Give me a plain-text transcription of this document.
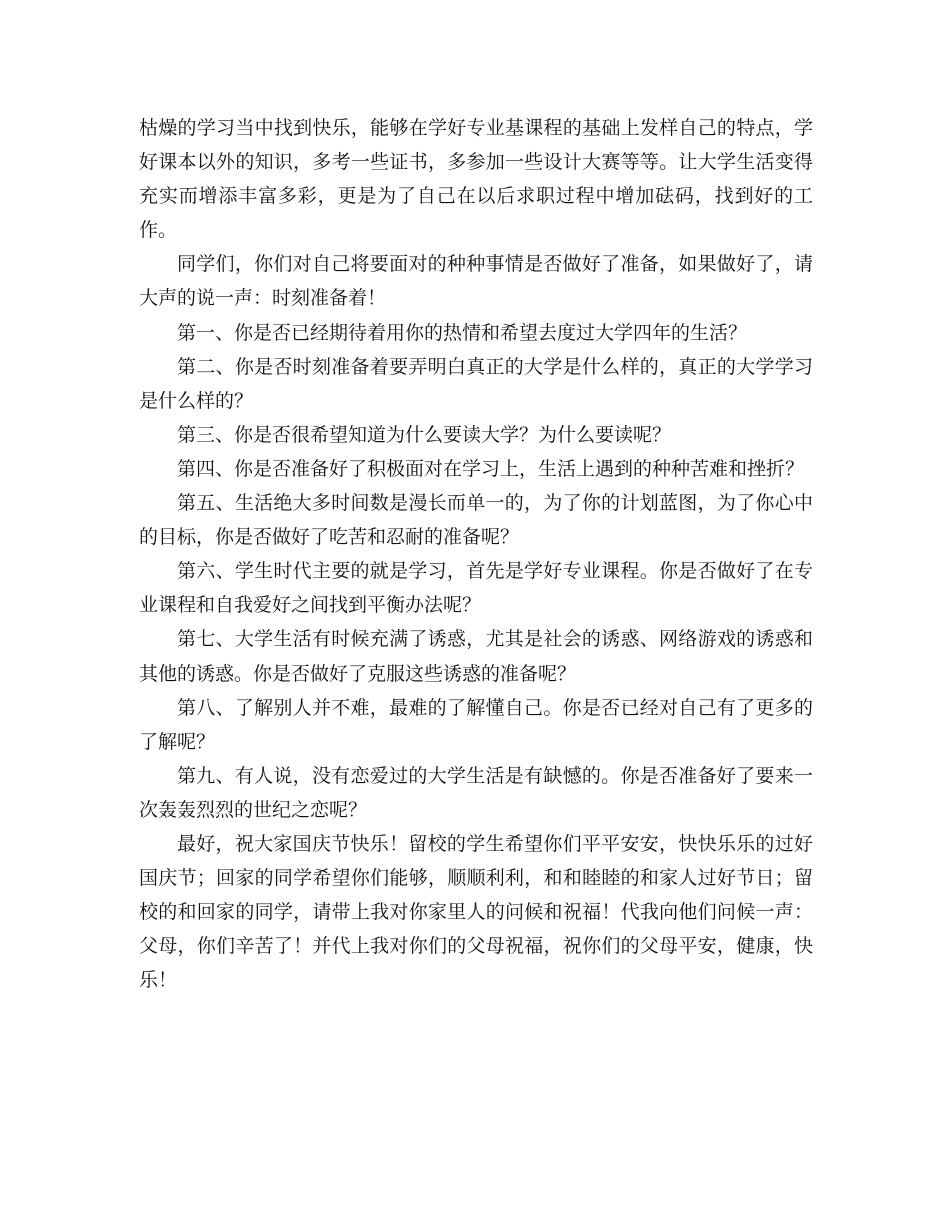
枯燥的学习当中找到快乐，能够在学好专业基课程的基础上发样自己的特点，学好课本以外的知识，多考一些证书，多参加一些设计大赛等等。让大学生活变得充实而增添丰富多彩，更是为了自己在以后求职过程中增加砝码，找到好的工作。

同学们，你们对自己将要面对的种种事情是否做好了准备，如果做好了，请大声的说一声：时刻准备着！

第一、你是否已经期待着用你的热情和希望去度过大学四年的生活？

第二、你是否时刻准备着要弄明白真正的大学是什么样的，真正的大学学习是什么样的？

第三、你是否很希望知道为什么要读大学？为什么要读呢？

第四、你是否准备好了积极面对在学习上，生活上遇到的种种苦难和挫折？

第五、生活绝大多时间数是漫长而单一的，为了你的计划蓝图，为了你心中的目标，你是否做好了吃苦和忍耐的准备呢？

第六、学生时代主要的就是学习，首先是学好专业课程。你是否做好了在专业课程和自我爱好之间找到平衡办法呢？

第七、大学生活有时候充满了诱惑，尤其是社会的诱惑、网络游戏的诱惑和其他的诱惑。你是否做好了克服这些诱惑的准备呢？

第八、了解别人并不难，最难的了解懂自己。你是否已经对自己有了更多的了解呢？

第九、有人说，没有恋爱过的大学生活是有缺憾的。你是否准备好了要来一次轰轰烈烈的世纪之恋呢？

最好，祝大家国庆节快乐！留校的学生希望你们平平安安，快快乐乐的过好国庆节；回家的同学希望你们能够，顺顺利利，和和睦睦的和家人过好节日；留校的和回家的同学，请带上我对你家里人的问候和祝福！代我向他们问候一声：父母，你们辛苦了！并代上我对你们的父母祝福，祝你们的父母平安，健康，快乐！
